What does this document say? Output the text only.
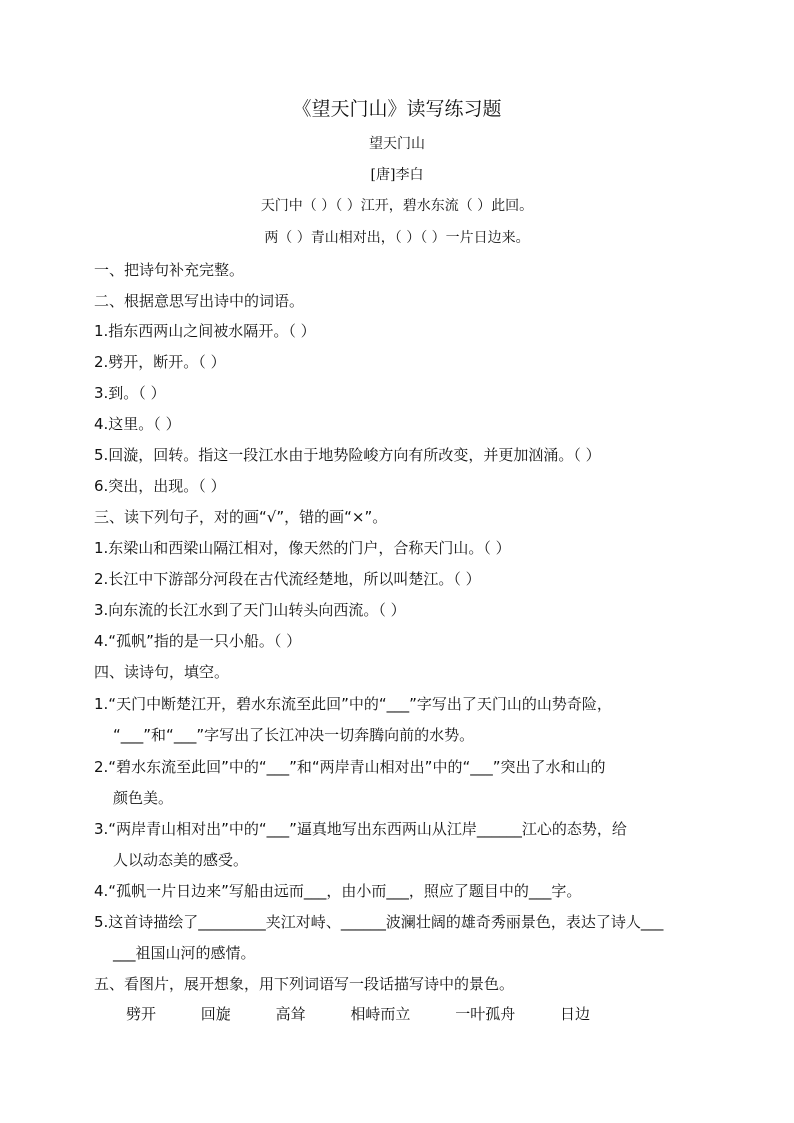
《望天门山》读写练习题
望天门山
[唐]李白
天门中（ ）（ ）江开，碧水东流（ ）此回。
两（ ）青山相对出，（ ）（ ）一片日边来。
一、把诗句补充完整。
二、根据意思写出诗中的词语。
1.指东西两山之间被水隔开。（ ）
2.劈开，断开。（ ）
3.到。（ ）
4.这里。（ ）
5.回漩，回转。指这一段江水由于地势险峻方向有所改变，并更加汹涌。（ ）
6.突出，出现。（ ）
三、读下列句子，对的画“√”，错的画“×”。
1.东梁山和西梁山隔江相对，像天然的门户，合称天门山。（ ）
2.长江中下游部分河段在古代流经楚地，所以叫楚江。（ ）
3.向东流的长江水到了天门山转头向西流。（ ）
4.“孤帆”指的是一只小船。（ ）
四、读诗句，填空。
1.“天门中断楚江开，碧水东流至此回”中的“___”字写出了天门山的山势奇险，
“___”和“___”字写出了长江冲决一切奔腾向前的水势。
2.“碧水东流至此回”中的“___”和“两岸青山相对出”中的“___”突出了水和山的
颜色美。
3.“两岸青山相对出”中的“___”逼真地写出东西两山从江岸______江心的态势，给
人以动态美的感受。
4.“孤帆一片日边来”写船由远而___，由小而___，照应了题目中的___字。
5.这首诗描绘了_________夹江对峙、______波澜壮阔的雄奇秀丽景色，表达了诗人___
___祖国山河的感情。
五、看图片，展开想象，用下列词语写一段话描写诗中的景色。
劈开	回旋	高耸	相峙而立	一叶孤舟	日边
